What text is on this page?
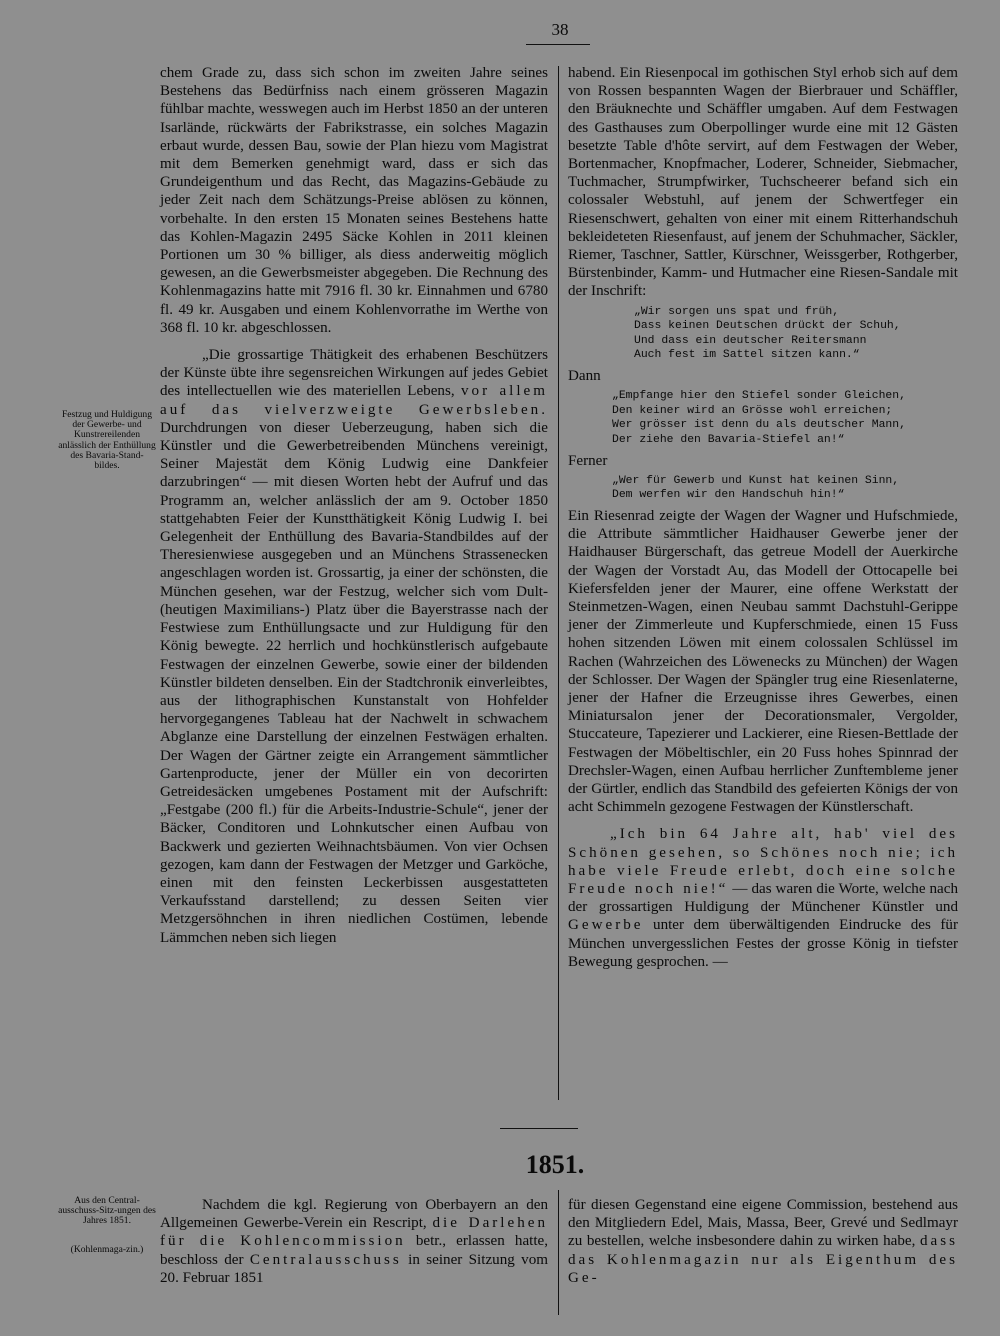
38
Festzug und Huldigung der Gewerbe- und Kunstrereilenden anlässlich der Enthüllung des Bavaria-Stand-bildes.

chem Grade zu, dass sich schon im zweiten Jahre seines Bestehens das Bedürfniss nach einem grösseren Magazin fühlbar machte, wesswegen auch im Herbst 1850 an der unteren Isarlände, rückwärts der Fabrikstrasse, ein solches Magazin erbaut wurde, dessen Bau, sowie der Plan hiezu vom Magistrat mit dem Bemerken genehmigt ward, dass er sich das Grundeigenthum und das Recht, das Magazins-Gebäude zu jeder Zeit nach dem Schätzungs-Preise ablösen zu können, vorbehalte. In den ersten 15 Monaten seines Bestehens hatte das Kohlen-Magazin 2495 Säcke Kohlen in 2011 kleinen Portionen um 30 % billiger, als diess anderweitig möglich gewesen, an die Gewerbsmeister abgegeben. Die Rechnung des Kohlenmagazins hatte mit 7916 fl. 30 kr. Einnahmen und 6780 fl. 49 kr. Ausgaben und einem Kohlenvorrathe im Werthe von 368 fl. 10 kr. abgeschlossen.

„Die grossartige Thätigkeit des erhabenen Beschützers der Künste übte ihre segensreichen Wirkungen auf jedes Gebiet des intellectuellen wie des materiellen Lebens, vor allem auf das vielverzweigte Gewerbsleben. Durchdrungen von dieser Ueberzeugung, haben sich die Künstler und die Gewerbetreibenden Münchens vereinigt, Seiner Majestät dem König Ludwig eine Dankfeier darzubringen“ — mit diesen Worten hebt der Aufruf und das Programm an, welcher anlässlich der am 9. October 1850 stattgehabten Feier der Kunstthätigkeit König Ludwig I. bei Gelegenheit der Enthüllung des Bavaria-Standbildes auf der Theresienwiese ausgegeben und an Münchens Strassenecken angeschlagen worden ist. Grossartig, ja einer der schönsten, die München gesehen, war der Festzug, welcher sich vom Dult- (heutigen Maximilians-) Platz über die Bayerstrasse nach der Festwiese zum Enthüllungsacte und zur Huldigung für den König bewegte. 22 herrlich und hochkünstlerisch aufgebaute Festwagen der einzelnen Gewerbe, sowie einer der bildenden Künstler bildeten denselben. Ein der Stadtchronik einverleibtes, aus der lithographischen Kunstanstalt von Hohfelder hervorgegangenes Tableau hat der Nachwelt in schwachem Abglanze eine Darstellung der einzelnen Festwägen erhalten. Der Wagen der Gärtner zeigte ein Arrangement sämmtlicher Gartenproducte, jener der Müller ein von decorirten Getreidesäcken umgebenes Postament mit der Aufschrift: „Festgabe (200 fl.) für die Arbeits-Industrie-Schule“, jener der Bäcker, Conditoren und Lohnkutscher einen Aufbau von Backwerk und gezierten Weihnachtsbäumen. Von vier Ochsen gezogen, kam dann der Festwagen der Metzger und Garköche, einen mit den feinsten Leckerbissen ausgestatteten Verkaufsstand darstellend; zu dessen Seiten vier Metzgersöhnchen in ihren niedlichen Costümen, lebende Lämmchen neben sich liegen

habend. Ein Riesenpocal im gothischen Styl erhob sich auf dem von Rossen bespannten Wagen der Bierbrauer und Schäffler, den Bräuknechte und Schäffler umgaben. Auf dem Festwagen des Gasthauses zum Oberpollinger wurde eine mit 12 Gästen besetzte Table d'hôte servirt, auf dem Festwagen der Weber, Bortenmacher, Knopfmacher, Loderer, Schneider, Siebmacher, Tuchmacher, Strumpfwirker, Tuchscheerer befand sich ein colossaler Webstuhl, auf jenem der Schwertfeger ein Riesenschwert, gehalten von einer mit einem Ritterhandschuh bekleideteten Riesenfaust, auf jenem der Schuhmacher, Säckler, Riemer, Taschner, Sattler, Kürschner, Weissgerber, Rothgerber, Bürstenbinder, Kamm- und Hutmacher eine Riesen-Sandale mit der Inschrift:

„Wir sorgen uns spat und früh,
Dass keinen Deutschen drückt der Schuh,
Und dass ein deutscher Reitersmann
Auch fest im Sattel sitzen kann.“

Dann

„Empfange hier den Stiefel sonder Gleichen,
Den keiner wird an Grösse wohl erreichen;
Wer grösser ist denn du als deutscher Mann,
Der ziehe den Bavaria-Stiefel an!“

Ferner

„Wer für Gewerb und Kunst hat keinen Sinn,
Dem werfen wir den Handschuh hin!“

Ein Riesenrad zeigte der Wagen der Wagner und Hufschmiede, die Attribute sämmtlicher Haidhauser Gewerbe jener der Haidhauser Bürgerschaft, das getreue Modell der Auerkirche der Wagen der Vorstadt Au, das Modell der Ottocapelle bei Kiefersfelden jener der Maurer, eine offene Werkstatt der Steinmetzen-Wagen, einen Neubau sammt Dachstuhl-Gerippe jener der Zimmerleute und Kupferschmiede, einen 15 Fuss hohen sitzenden Löwen mit einem colossalen Schlüssel im Rachen (Wahrzeichen des Löwenecks zu München) der Wagen der Schlosser. Der Wagen der Spängler trug eine Riesenlaterne, jener der Hafner die Erzeugnisse ihres Gewerbes, einen Miniatursalon jener der Decorationsmaler, Vergolder, Stuccateure, Tapezierer und Lackierer, eine Riesen-Bettlade der Festwagen der Möbeltischler, ein 20 Fuss hohes Spinnrad der Drechsler-Wagen, einen Aufbau herrlicher Zunftembleme jener der Gürtler, endlich das Standbild des gefeierten Königs der von acht Schimmeln gezogene Festwagen der Künstlerschaft.

„Ich bin 64 Jahre alt, hab' viel des Schönen gesehen, so Schönes noch nie; ich habe viele Freude erlebt, doch eine solche Freude noch nie!“ — das waren die Worte, welche nach der grossartigen Huldigung der Münchener Künstler und Gewerbe unter dem überwältigenden Eindrucke des für München unvergesslichen Festes der grosse König in tiefster Bewegung gesprochen. —

1851.
Aus den Central-ausschuss-Sitz-ungen des Jahres 1851.
(Kohlenmaga-zin.)

Nachdem die kgl. Regierung von Oberbayern an den Allgemeinen Gewerbe-Verein ein Rescript, die Darlehen für die Kohlencommission betr., erlassen hatte, beschloss der Centralausschuss in seiner Sitzung vom 20. Februar 1851

für diesen Gegenstand eine eigene Commission, bestehend aus den Mitgliedern Edel, Mais, Massa, Beer, Grevé und Sedlmayr zu bestellen, welche insbesondere dahin zu wirken habe, dass das Kohlenmagazin nur als Eigenthum des Ge-
